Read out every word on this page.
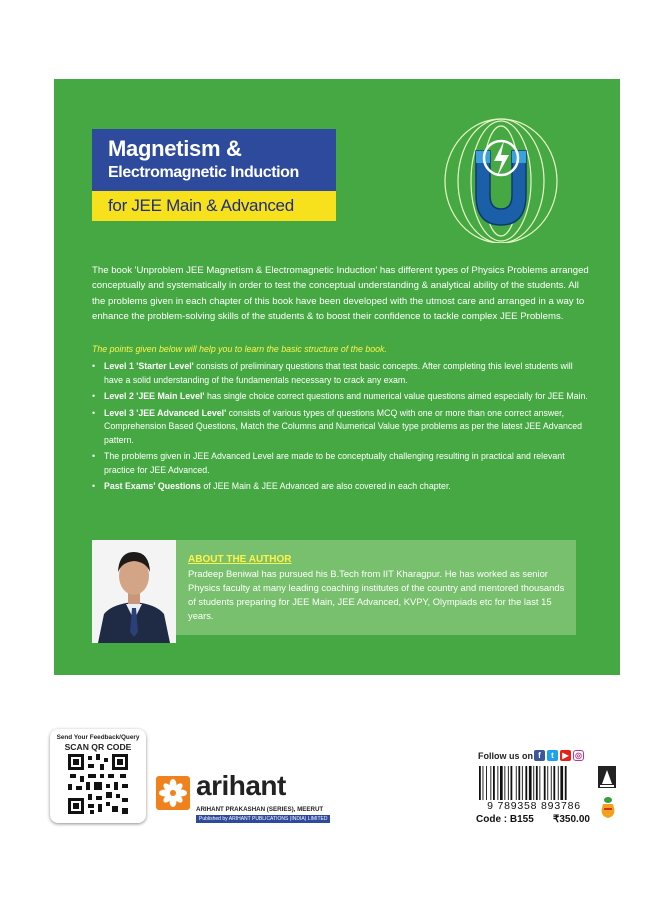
Magnetism &
Electromagnetic Induction
for JEE Main & Advanced

The book 'Unproblem JEE Magnetism & Electromagnetic Induction' has different types of Physics Problems arranged conceptually and systematically in order to test the conceptual understanding & analytical ability of the students. All the problems given in each chapter of this book have been developed with the utmost care and arranged in a way to enhance the problem-solving skills of the students & to boost their confidence to tackle complex JEE Problems.

The points given below will help you to learn the basic structure of the book.
• Level 1 'Starter Level' consists of preliminary questions that test basic concepts. After completing this level students will have a solid understanding of the fundamentals necessary to crack any exam.
• Level 2 'JEE Main Level' has single choice correct questions and numerical value questions aimed especially for JEE Main.
• Level 3 'JEE Advanced Level' consists of various types of questions MCQ with one or more than one correct answer, Comprehension Based Questions, Match the Columns and Numerical Value type problems as per the latest JEE Advanced pattern.
• The problems given in JEE Advanced Level are made to be conceptually challenging resulting in practical and relevant practice for JEE Advanced.
• Past Exams' Questions of JEE Main & JEE Advanced are also covered in each chapter.
ABOUT THE AUTHOR
Pradeep Beniwal has pursued his B.Tech from IIT Kharagpur. He has worked as senior Physics faculty at many leading coaching institutes of the country and mentored thousands of students preparing for JEE Main, JEE Advanced, KVPY, Olympiads etc for the last 15 years.
Send Your Feedback/Query
SCAN QR CODE
arihant
ARIHANT PRAKASHAN (SERIES), MEERUT
Published by ARIHANT PUBLICATIONS (INDIA) LIMITED
Follow us on f	t	▶ ◎
9 789358 893786
Code : B155 ₹350.00
